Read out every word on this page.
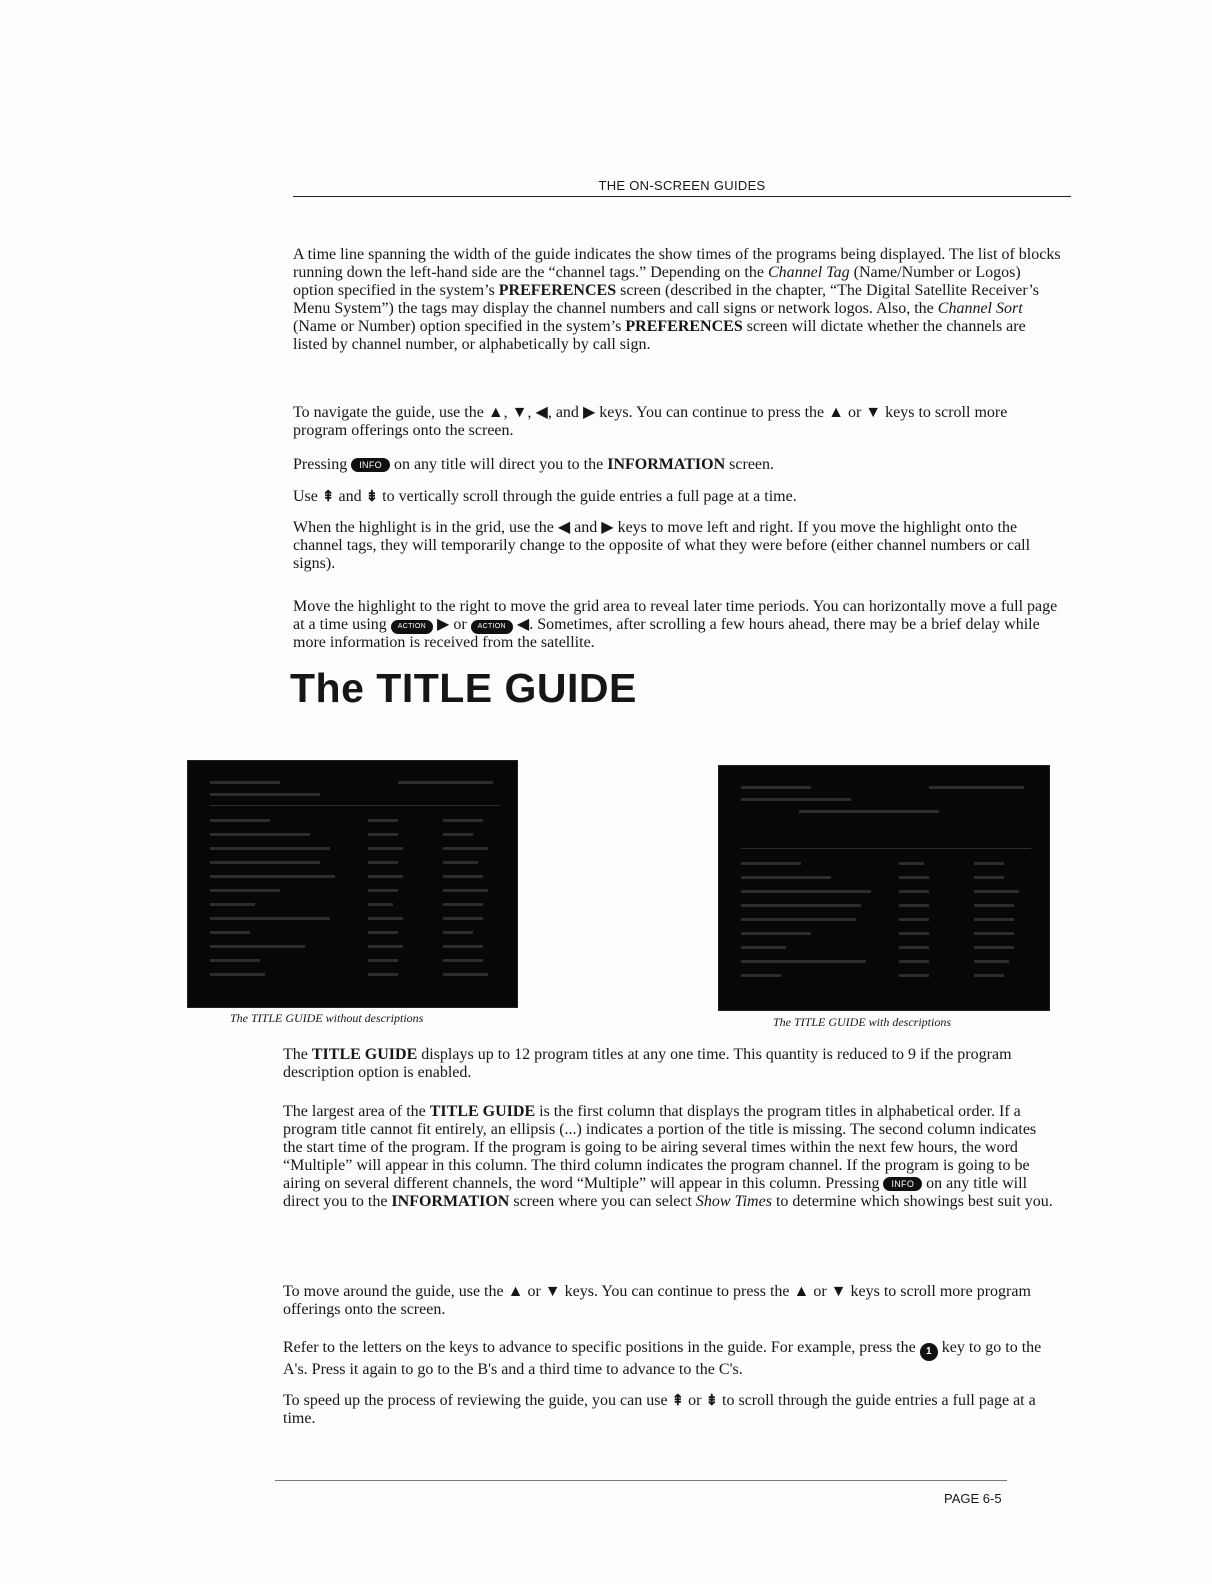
THE ON-SCREEN GUIDES

A time line spanning the width of the guide indicates the show times of the programs being displayed. The list of blocks running down the left-hand side are the “channel tags.” Depending on the Channel Tag (Name/Number or Logos) option specified in the system’s PREFERENCES screen (described in the chapter, “The Digital Satellite Receiver’s Menu System”) the tags may display the channel numbers and call signs or network logos. Also, the Channel Sort (Name or Number) option specified in the system’s PREFERENCES screen will dictate whether the channels are listed by channel number, or alphabetically by call sign.

To navigate the guide, use the ▲, ▼, ◀, and ▶ keys. You can continue to press the ▲ or ▼ keys to scroll more program offerings onto the screen.

Pressing INFO on any title will direct you to the INFORMATION screen.

Use ⇞ and ⇟ to vertically scroll through the guide entries a full page at a time.

When the highlight is in the grid, use the ◀ and ▶ keys to move left and right. If you move the highlight onto the channel tags, they will temporarily change to the opposite of what they were before (either channel numbers or call signs).

Move the highlight to the right to move the grid area to reveal later time periods. You can horizontally move a full page at a time using ACTION ▶ or ACTION ◀. Sometimes, after scrolling a few hours ahead, there may be a brief delay while more information is received from the satellite.

The TITLE GUIDE
The TITLE GUIDE without descriptions	The TITLE GUIDE with descriptions

The TITLE GUIDE displays up to 12 program titles at any one time. This quantity is reduced to 9 if the program description option is enabled.

The largest area of the TITLE GUIDE is the first column that displays the program titles in alphabetical order. If a program title cannot fit entirely, an ellipsis (...) indicates a portion of the title is missing. The second column indicates the start time of the program. If the program is going to be airing several times within the next few hours, the word “Multiple” will appear in this column. The third column indicates the program channel. If the program is going to be airing on several different channels, the word “Multiple” will appear in this column. Pressing INFO on any title will direct you to the INFORMATION screen where you can select Show Times to determine which showings best suit you.

To move around the guide, use the ▲ or ▼ keys. You can continue to press the ▲ or ▼ keys to scroll more program offerings onto the screen.

Refer to the letters on the keys to advance to specific positions in the guide. For example, press the 1 key to go to the A's. Press it again to go to the B's and a third time to advance to the C's.

To speed up the process of reviewing the guide, you can use ⇞ or ⇟ to scroll through the guide entries a full page at a time.

PAGE 6-5
